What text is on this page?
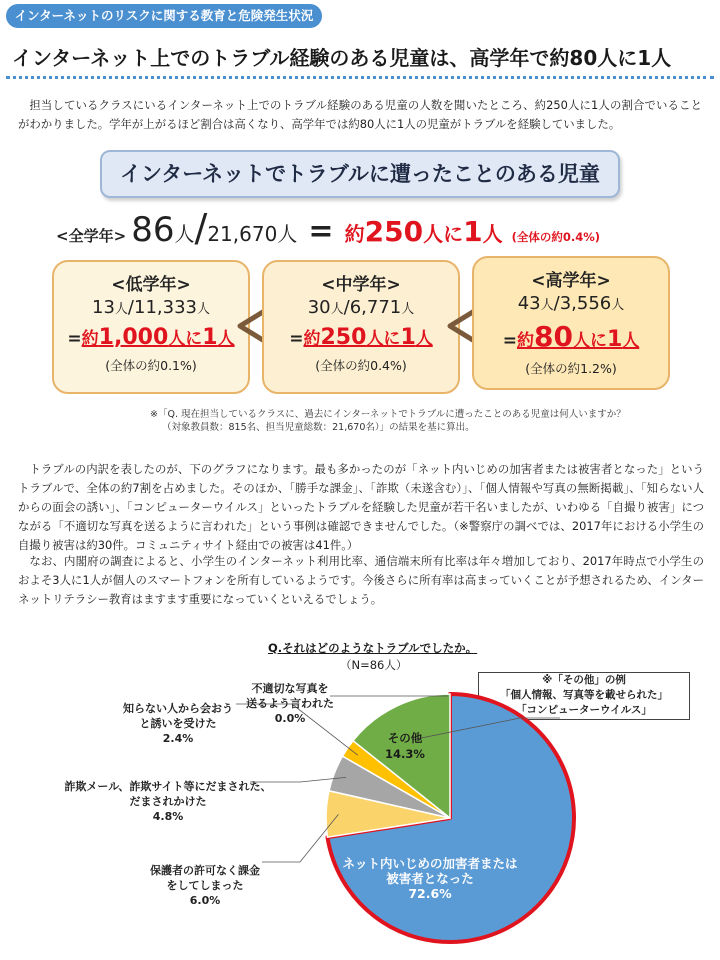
インターネットのリスクに関する教育と危険発生状況
インターネット上でのトラブル経験のある児童は、高学年で約80人に1人

担当しているクラスにいるインターネット上でのトラブル経験のある児童の人数を聞いたところ、約250人に1人の割合でいることがわかりました。学年が上がるほど割合は高くなり、高学年では約80人に1人の児童がトラブルを経験していました。

インターネットでトラブルに遭ったことのある児童
<全学年> 86人/21,670人 = 約250人に1人 (全体の約0.4%)
<低学年>
13人/11,333人
=約1,000人に1人
(全体の約0.1%)
<中学年>
30人/6,771人
=約250人に1人
(全体の約0.4%)
<高学年>
43人/3,556人
=約80人に1人
(全体の約1.2%)
※「Q. 現在担当しているクラスに、過去にインターネットでトラブルに遭ったことのある児童は何人いますか？
（対象教員数：815名、担当児童総数：21,670名）」の結果を基に算出。

トラブルの内訳を表したのが、下のグラフになります。最も多かったのが「ネット内いじめの加害者または被害者となった」というトラブルで、全体の約7割を占めました。そのほか、「勝手な課金」、「詐欺（未遂含む）」、「個人情報や写真の無断掲載」、「知らない人からの面会の誘い」、「コンピューターウイルス」といったトラブルを経験した児童が若干名いましたが、いわゆる「自撮り被害」につながる「不適切な写真を送るように言われた」という事例は確認できませんでした。（※警察庁の調べでは、2017年における小学生の自撮り被害は約30件。コミュニティサイト経由での被害は41件。）

なお、内閣府の調査によると、小学生のインターネット利用比率、通信端末所有比率は年々増加しており、2017年時点で小学生のおよそ3人に1人が個人のスマートフォンを所有しているようです。今後さらに所有率は高まっていくことが予想されるため、インターネットリテラシー教育はますます重要になっていくといえるでしょう。

Q.それはどのようなトラブルでしたか。
（N=86人）
※「その他」の例
「個人情報、写真等を載せられた」
「コンピューターウイルス」
ネット内いじめの加害者または被害者となった 72.6%
その他 14.3%
保護者の許可なく課金をしてしまった 6.0%
詐欺メール、詐欺サイト等にだまされた、だまされかけた 4.8%
知らない人から会おうと誘いを受けた 2.4%
不適切な写真を送るよう言われた 0.0%
